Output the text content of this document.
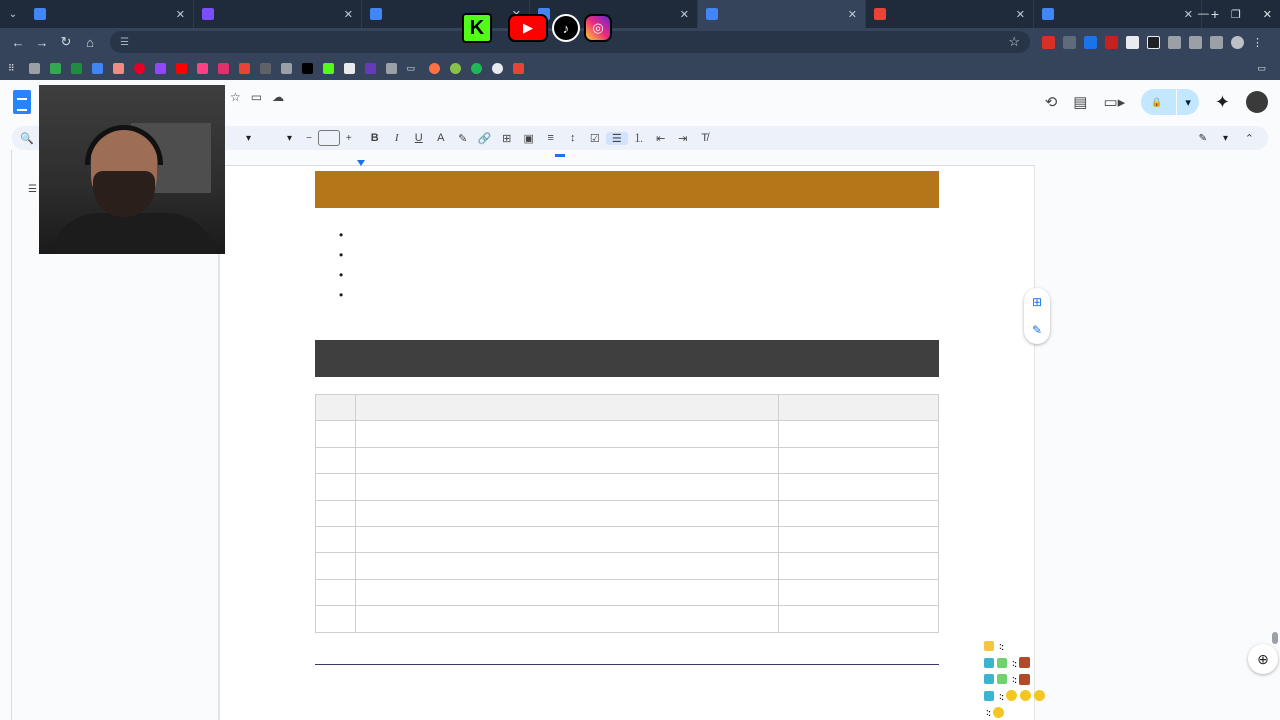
⌄	✕	✕	✕	✕	✕	✕	+
— ❐ ✕
← → ↻	⌂	☰	☆	⋮
⠿	▭	▭
K	▶	♪	◎
☆ ▭ ☁	⟲ ▤ ▭▸	🔒 ▾ ✦
🔍	▾	▾ −	+	B	I	U	A	✎ 🔗 ⊞	▣	≡	↕	☑	☰	⒈	⇤	⇥	T̸	✎ ▾ ⌃
☰
•
•
•
•

			⊞
✎
:
:
:
:
:
⊕
